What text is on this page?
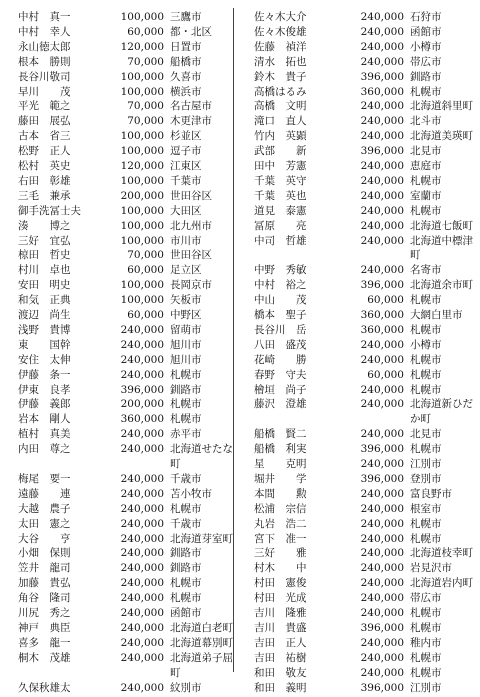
中村　真一	100,000 三鷹市
中村　幸人	60,000 都・北区
永山徳太郎	120,000 日置市
根本　勝則	70,000 船橋市
長谷川敬司	100,000 久喜市
早川　　茂	100,000 横浜市
平光　範之	70,000 名古屋市
藤田　展弘	70,000 木更津市
古本　省三	100,000 杉並区
松野　正人	100,000 逗子市
松村　英史	120,000 江東区
右田　彰雄	100,000 千葉市
三毛　兼承	200,000 世田谷区
御手洗冨士夫	100,000 大田区
湊　　博之	100,000 北九州市
三好　宜弘	100,000 市川市
椋田　哲史	70,000 世田谷区
村川　卓也	60,000 足立区
安田　明史	100,000 長岡京市
和気　正典	100,000 矢板市
渡辺　尚生	60,000 中野区
浅野　貴博	240,000 留萌市
東　　国幹	240,000 旭川市
安住　太伸	240,000 旭川市
伊藤　条一	240,000 札幌市
伊東　良孝	396,000 釧路市
伊藤　義郎	200,000 札幌市
岩本　剛人	360,000 札幌市
植村　真美	240,000 赤平市
内田　尊之	240,000 北海道せたな
町
梅尾　要一	240,000 千歳市
遠藤　　連	240,000 苫小牧市
大越　農子	240,000 札幌市
太田　憲之	240,000 千歳市
大谷　　亨	240,000 北海道芽室町
小畑　保則	240,000 釧路市
笠井　龍司	240,000 釧路市
加藤　貴弘	240,000 札幌市
角谷　隆司	240,000 札幌市
川尻　秀之	240,000 函館市
神戸　典臣	240,000 北海道白老町
喜多　龍一	240,000 北海道幕別町
桐木　茂雄	240,000 北海道弟子屈
町
久保秋雄太	240,000 紋別市
佐々木大介	240,000 石狩市
佐々木俊雄	240,000 函館市
佐藤　禎洋	240,000 小樽市
清水　拓也	240,000 帯広市
鈴木　貴子	396,000 釧路市
高橋はるみ	360,000 札幌市
高橋　文明	240,000 北海道斜里町
滝口　直人	240,000 北斗市
竹内　英顕	240,000 北海道美瑛町
武部　　新	396,000 北見市
田中　芳憲	240,000 恵庭市
千葉　英守	240,000 札幌市
千葉　英也	240,000 室蘭市
道見　泰憲	240,000 札幌市
冨原　　亮	240,000 北海道七飯町
中司　哲雄	240,000 北海道中標津
町
中野　秀敏	240,000 名寄市
中村　裕之	396,000 北海道余市町
中山　　茂	60,000 札幌市
橋本　聖子	360,000 大網白里市
長谷川　岳	360,000 札幌市
八田　盛茂	240,000 小樽市
花崎　　勝	240,000 札幌市
春野　守夫	60,000 札幌市
檜垣　尚子	240,000 札幌市
藤沢　澄雄	240,000 北海道新ひだ
か町
船橋　賢二	240,000 北見市
船橋　利実	396,000 札幌市
星　　克明	240,000 江別市
堀井　　学	396,000 登別市
本間　　勲	240,000 富良野市
松浦　宗信	240,000 根室市
丸岩　浩二	240,000 札幌市
宮下　准一	240,000 札幌市
三好　　雅	240,000 北海道枝幸町
村木　　中	240,000 岩見沢市
村田　憲俊	240,000 北海道岩内町
村田　光成	240,000 帯広市
吉川　隆雅	240,000 札幌市
吉川　貴盛	396,000 札幌市
吉田　正人	240,000 稚内市
吉田　祐樹	240,000 札幌市
和田　敬友	240,000 札幌市
和田　義明	396,000 江別市
